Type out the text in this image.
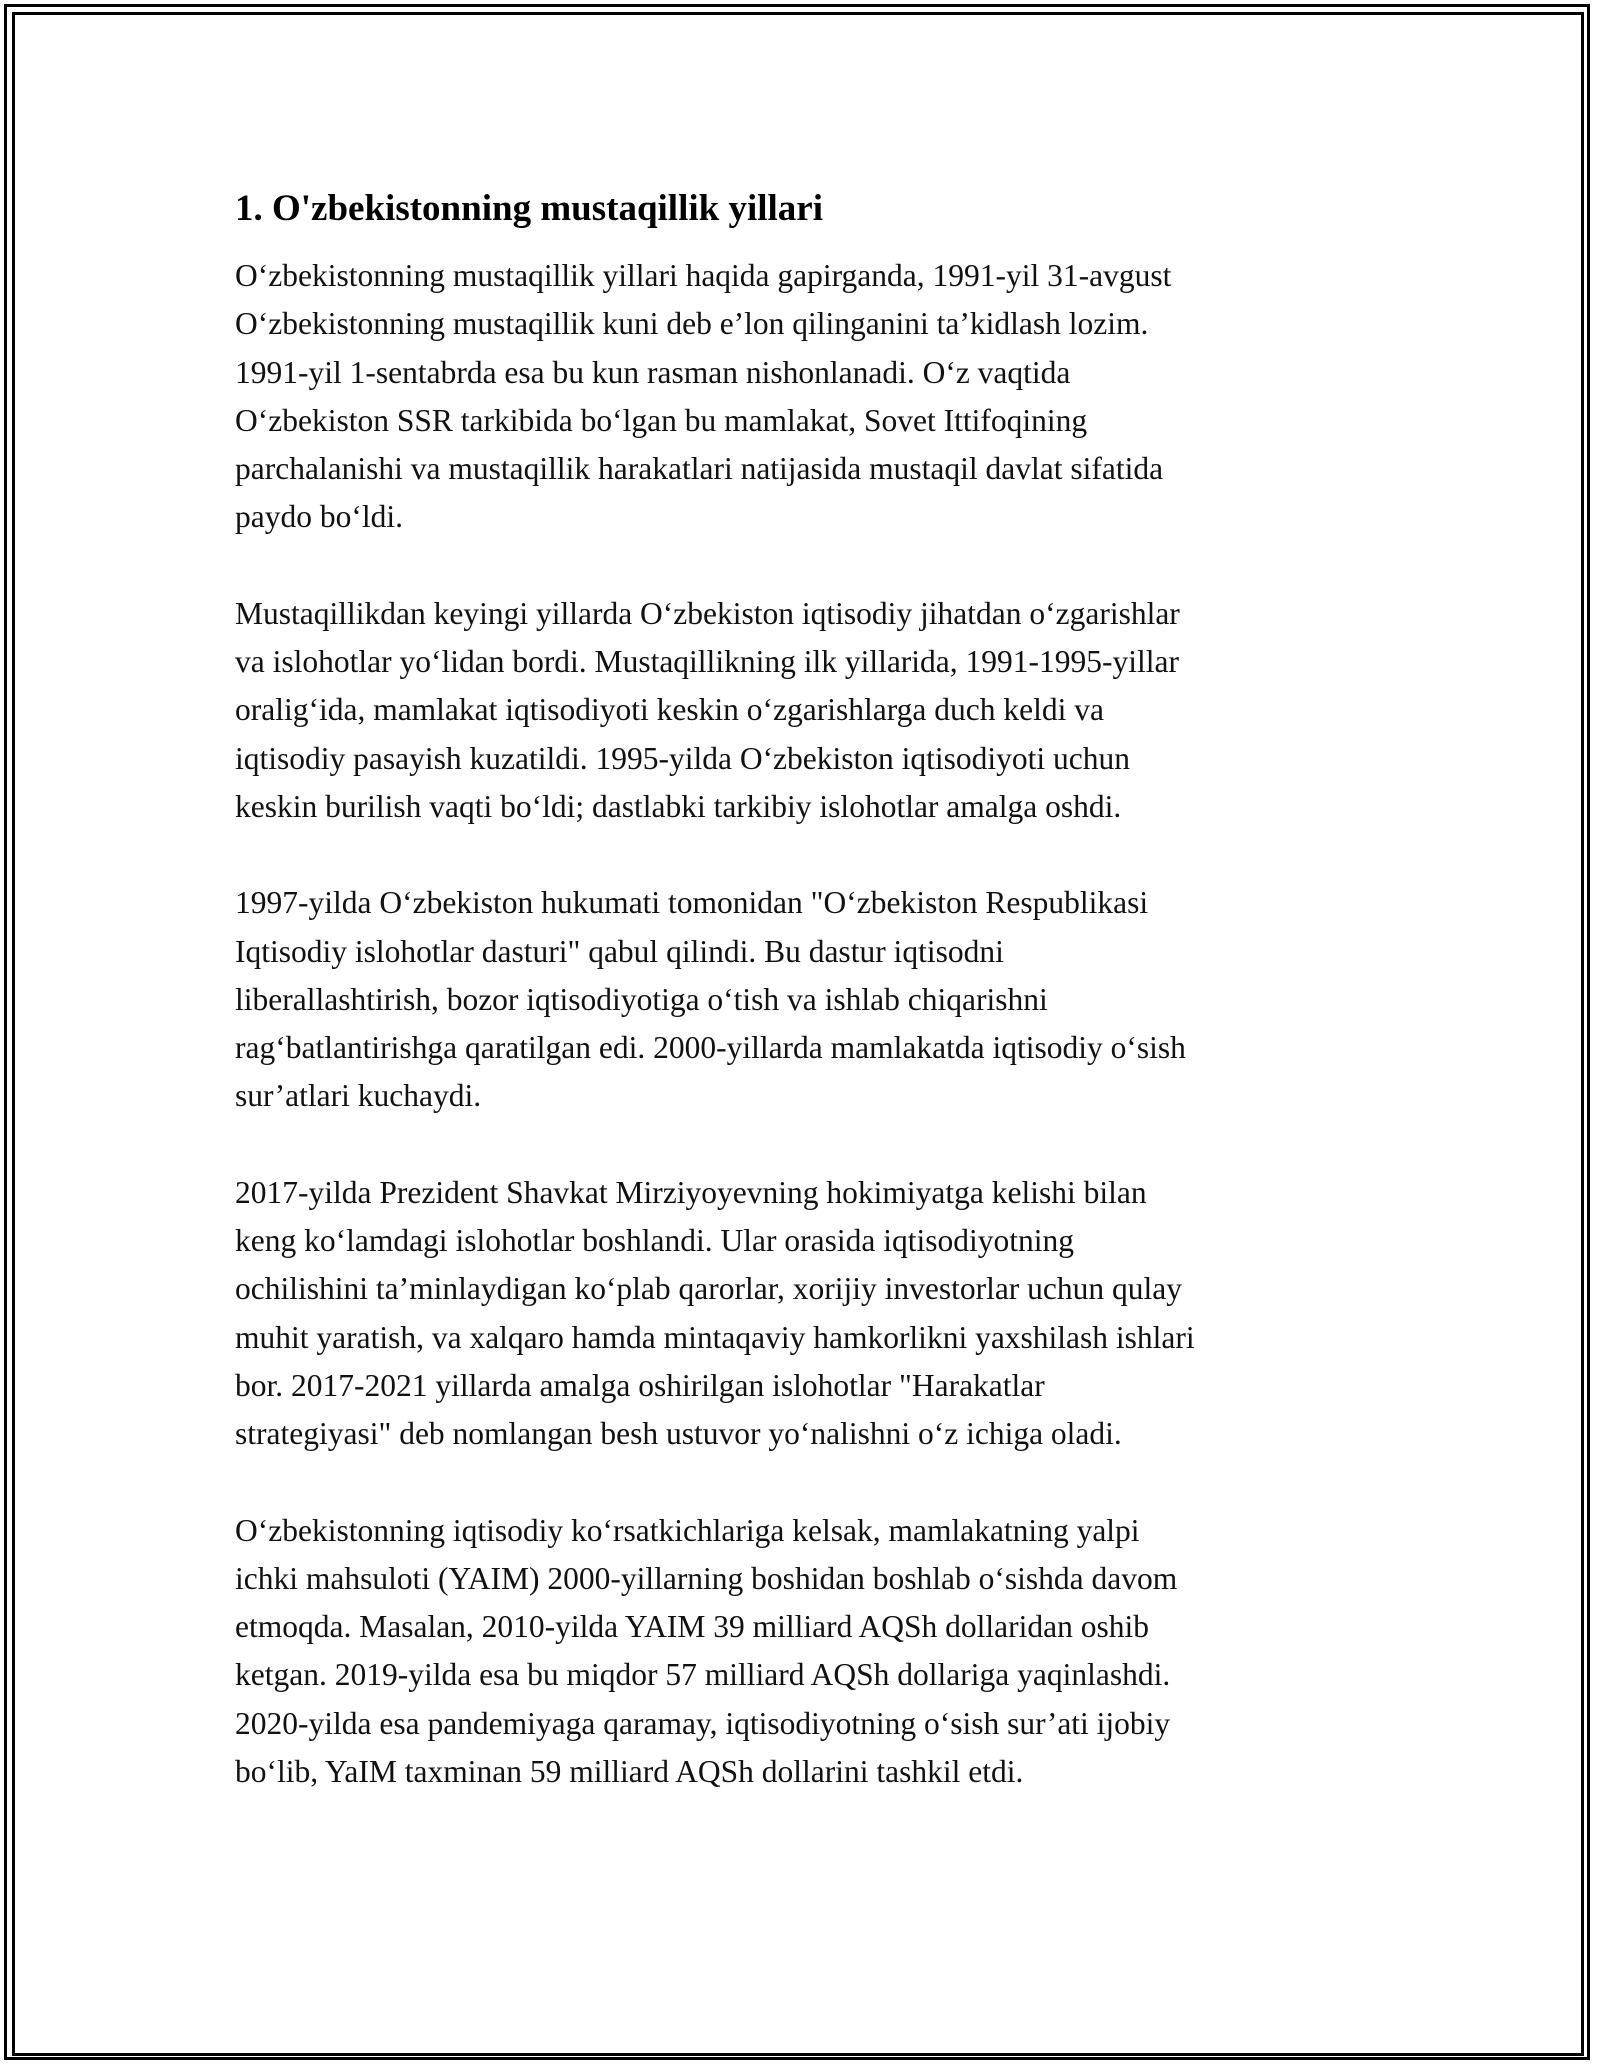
1. O'zbekistonning mustaqillik yillari

O‘zbekistonning mustaqillik yillari haqida gapirganda, 1991-yil 31-avgust
O‘zbekistonning mustaqillik kuni deb e’lon qilinganini ta’kidlash lozim.
1991-yil 1-sentabrda esa bu kun rasman nishonlanadi. O‘z vaqtida
O‘zbekiston SSR tarkibida bo‘lgan bu mamlakat, Sovet Ittifoqining
parchalanishi va mustaqillik harakatlari natijasida mustaqil davlat sifatida
paydo bo‘ldi.

Mustaqillikdan keyingi yillarda O‘zbekiston iqtisodiy jihatdan o‘zgarishlar
va islohotlar yo‘lidan bordi. Mustaqillikning ilk yillarida, 1991-1995-yillar
oralig‘ida, mamlakat iqtisodiyoti keskin o‘zgarishlarga duch keldi va
iqtisodiy pasayish kuzatildi. 1995-yilda O‘zbekiston iqtisodiyoti uchun
keskin burilish vaqti bo‘ldi; dastlabki tarkibiy islohotlar amalga oshdi.

1997-yilda O‘zbekiston hukumati tomonidan "O‘zbekiston Respublikasi
Iqtisodiy islohotlar dasturi" qabul qilindi. Bu dastur iqtisodni
liberallashtirish, bozor iqtisodiyotiga o‘tish va ishlab chiqarishni
rag‘batlantirishga qaratilgan edi. 2000-yillarda mamlakatda iqtisodiy o‘sish
sur’atlari kuchaydi.

2017-yilda Prezident Shavkat Mirziyoyevning hokimiyatga kelishi bilan
keng ko‘lamdagi islohotlar boshlandi. Ular orasida iqtisodiyotning
ochilishini ta’minlaydigan ko‘plab qarorlar, xorijiy investorlar uchun qulay
muhit yaratish, va xalqaro hamda mintaqaviy hamkorlikni yaxshilash ishlari
bor. 2017-2021 yillarda amalga oshirilgan islohotlar "Harakatlar
strategiyasi" deb nomlangan besh ustuvor yo‘nalishni o‘z ichiga oladi.

O‘zbekistonning iqtisodiy ko‘rsatkichlariga kelsak, mamlakatning yalpi
ichki mahsuloti (YAIM) 2000-yillarning boshidan boshlab o‘sishda davom
etmoqda. Masalan, 2010-yilda YAIM 39 milliard AQSh dollaridan oshib
ketgan. 2019-yilda esa bu miqdor 57 milliard AQSh dollariga yaqinlashdi.
2020-yilda esa pandemiyaga qaramay, iqtisodiyotning o‘sish sur’ati ijobiy
bo‘lib, YaIM taxminan 59 milliard AQSh dollarini tashkil etdi.
